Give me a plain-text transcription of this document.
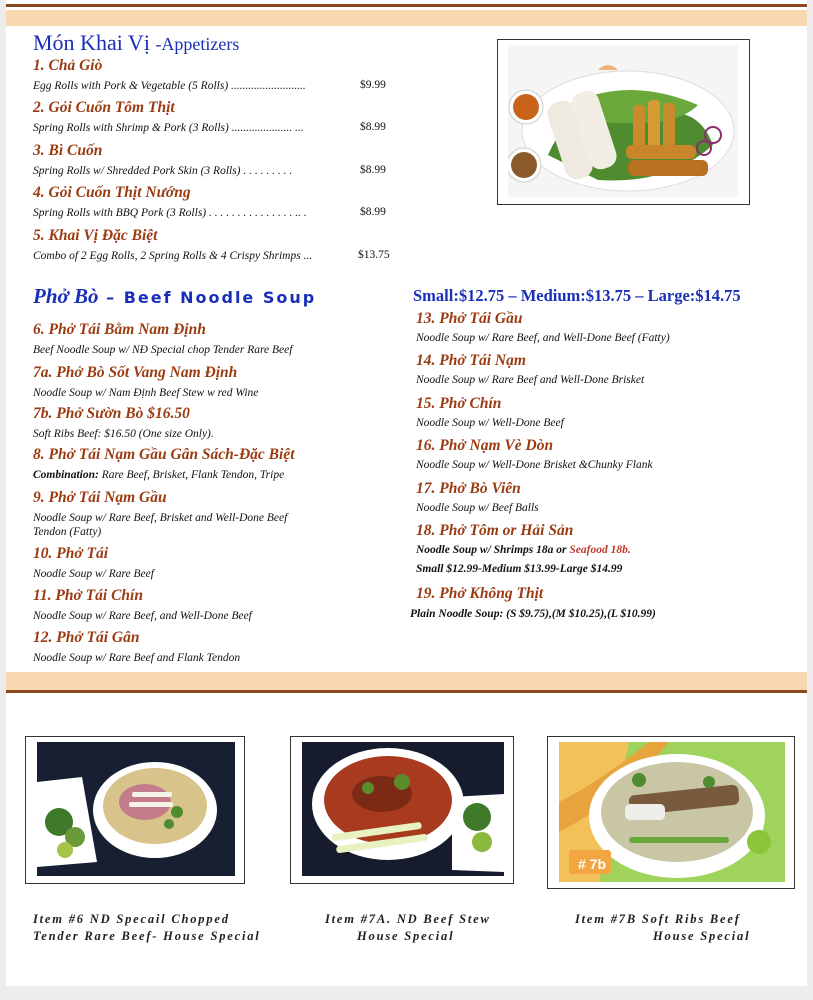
Món Khai Vị -Appetizers
1. Chả Giò
Egg Rolls with Pork & Vegetable (5 Rolls) ..........................	$9.99
2. Gỏi Cuốn Tôm Thịt
Spring Rolls with Shrimp & Pork (3 Rolls) ..................... ...	$8.99
3. Bì Cuốn
Spring Rolls w/ Shredded Pork Skin (3 Rolls) . . . . . . . . .	$8.99
4. Gỏi Cuốn Thịt Nướng
Spring Rolls with BBQ Pork (3 Rolls) . . . . . . . . . . . . . . . .. .	$8.99
5. Khai Vị Đặc Biệt
Combo of 2 Egg Rolls, 2 Spring Rolls & 4 Crispy Shrimps ...	$13.75
Phở Bò – Beef Noodle Soup	Small:$12.75 – Medium:$13.75 – Large:$14.75
6. Phở Tái Bằm Nam Định
Beef Noodle Soup w/ NĐ Special chop Tender Rare Beef
7a. Phở Bò Sốt Vang Nam Định
Noodle Soup w/ Nam Định Beef Stew w red Wine
7b. Phở Sườn Bò $16.50
Soft Ribs Beef: $16.50 (One size Only).
8. Phở Tái Nạm Gầu Gân Sách-Đặc Biệt
Combination: Rare Beef, Brisket, Flank Tendon, Tripe
9. Phở Tái Nạm Gầu
Noodle Soup w/ Rare Beef, Brisket and Well-Done Beef
Tendon (Fatty)
10. Phở Tái
Noodle Soup w/ Rare Beef
11. Phở Tái Chín
Noodle Soup w/ Rare Beef, and Well-Done Beef
12. Phở Tái Gân
Noodle Soup w/ Rare Beef and Flank Tendon
13. Phở Tái Gầu
Noodle Soup w/ Rare Beef, and Well-Done Beef (Fatty)
14. Phở Tái Nạm
Noodle Soup w/ Rare Beef and Well-Done Brisket
15. Phở Chín
Noodle Soup w/ Well-Done Beef
16. Phở Nạm Vè Dòn
Noodle Soup w/ Well-Done Brisket &Chunky Flank
17. Phở Bò Viên
Noodle Soup w/ Beef Balls
18. Phở Tôm or Hải Sản
Noodle Soup w/ Shrimps 18a or Seafood 18b.
Small $12.99-Medium $13.99-Large $14.99
19. Phở Không Thịt
Plain Noodle Soup: (S $9.75),(M $10.25),(L $10.99)
# 7b
Item #6 ND Specail Chopped
Tender Rare Beef- House Special
Item #7A. ND Beef Stew
House Special
Item #7B Soft Ribs Beef
House Special
